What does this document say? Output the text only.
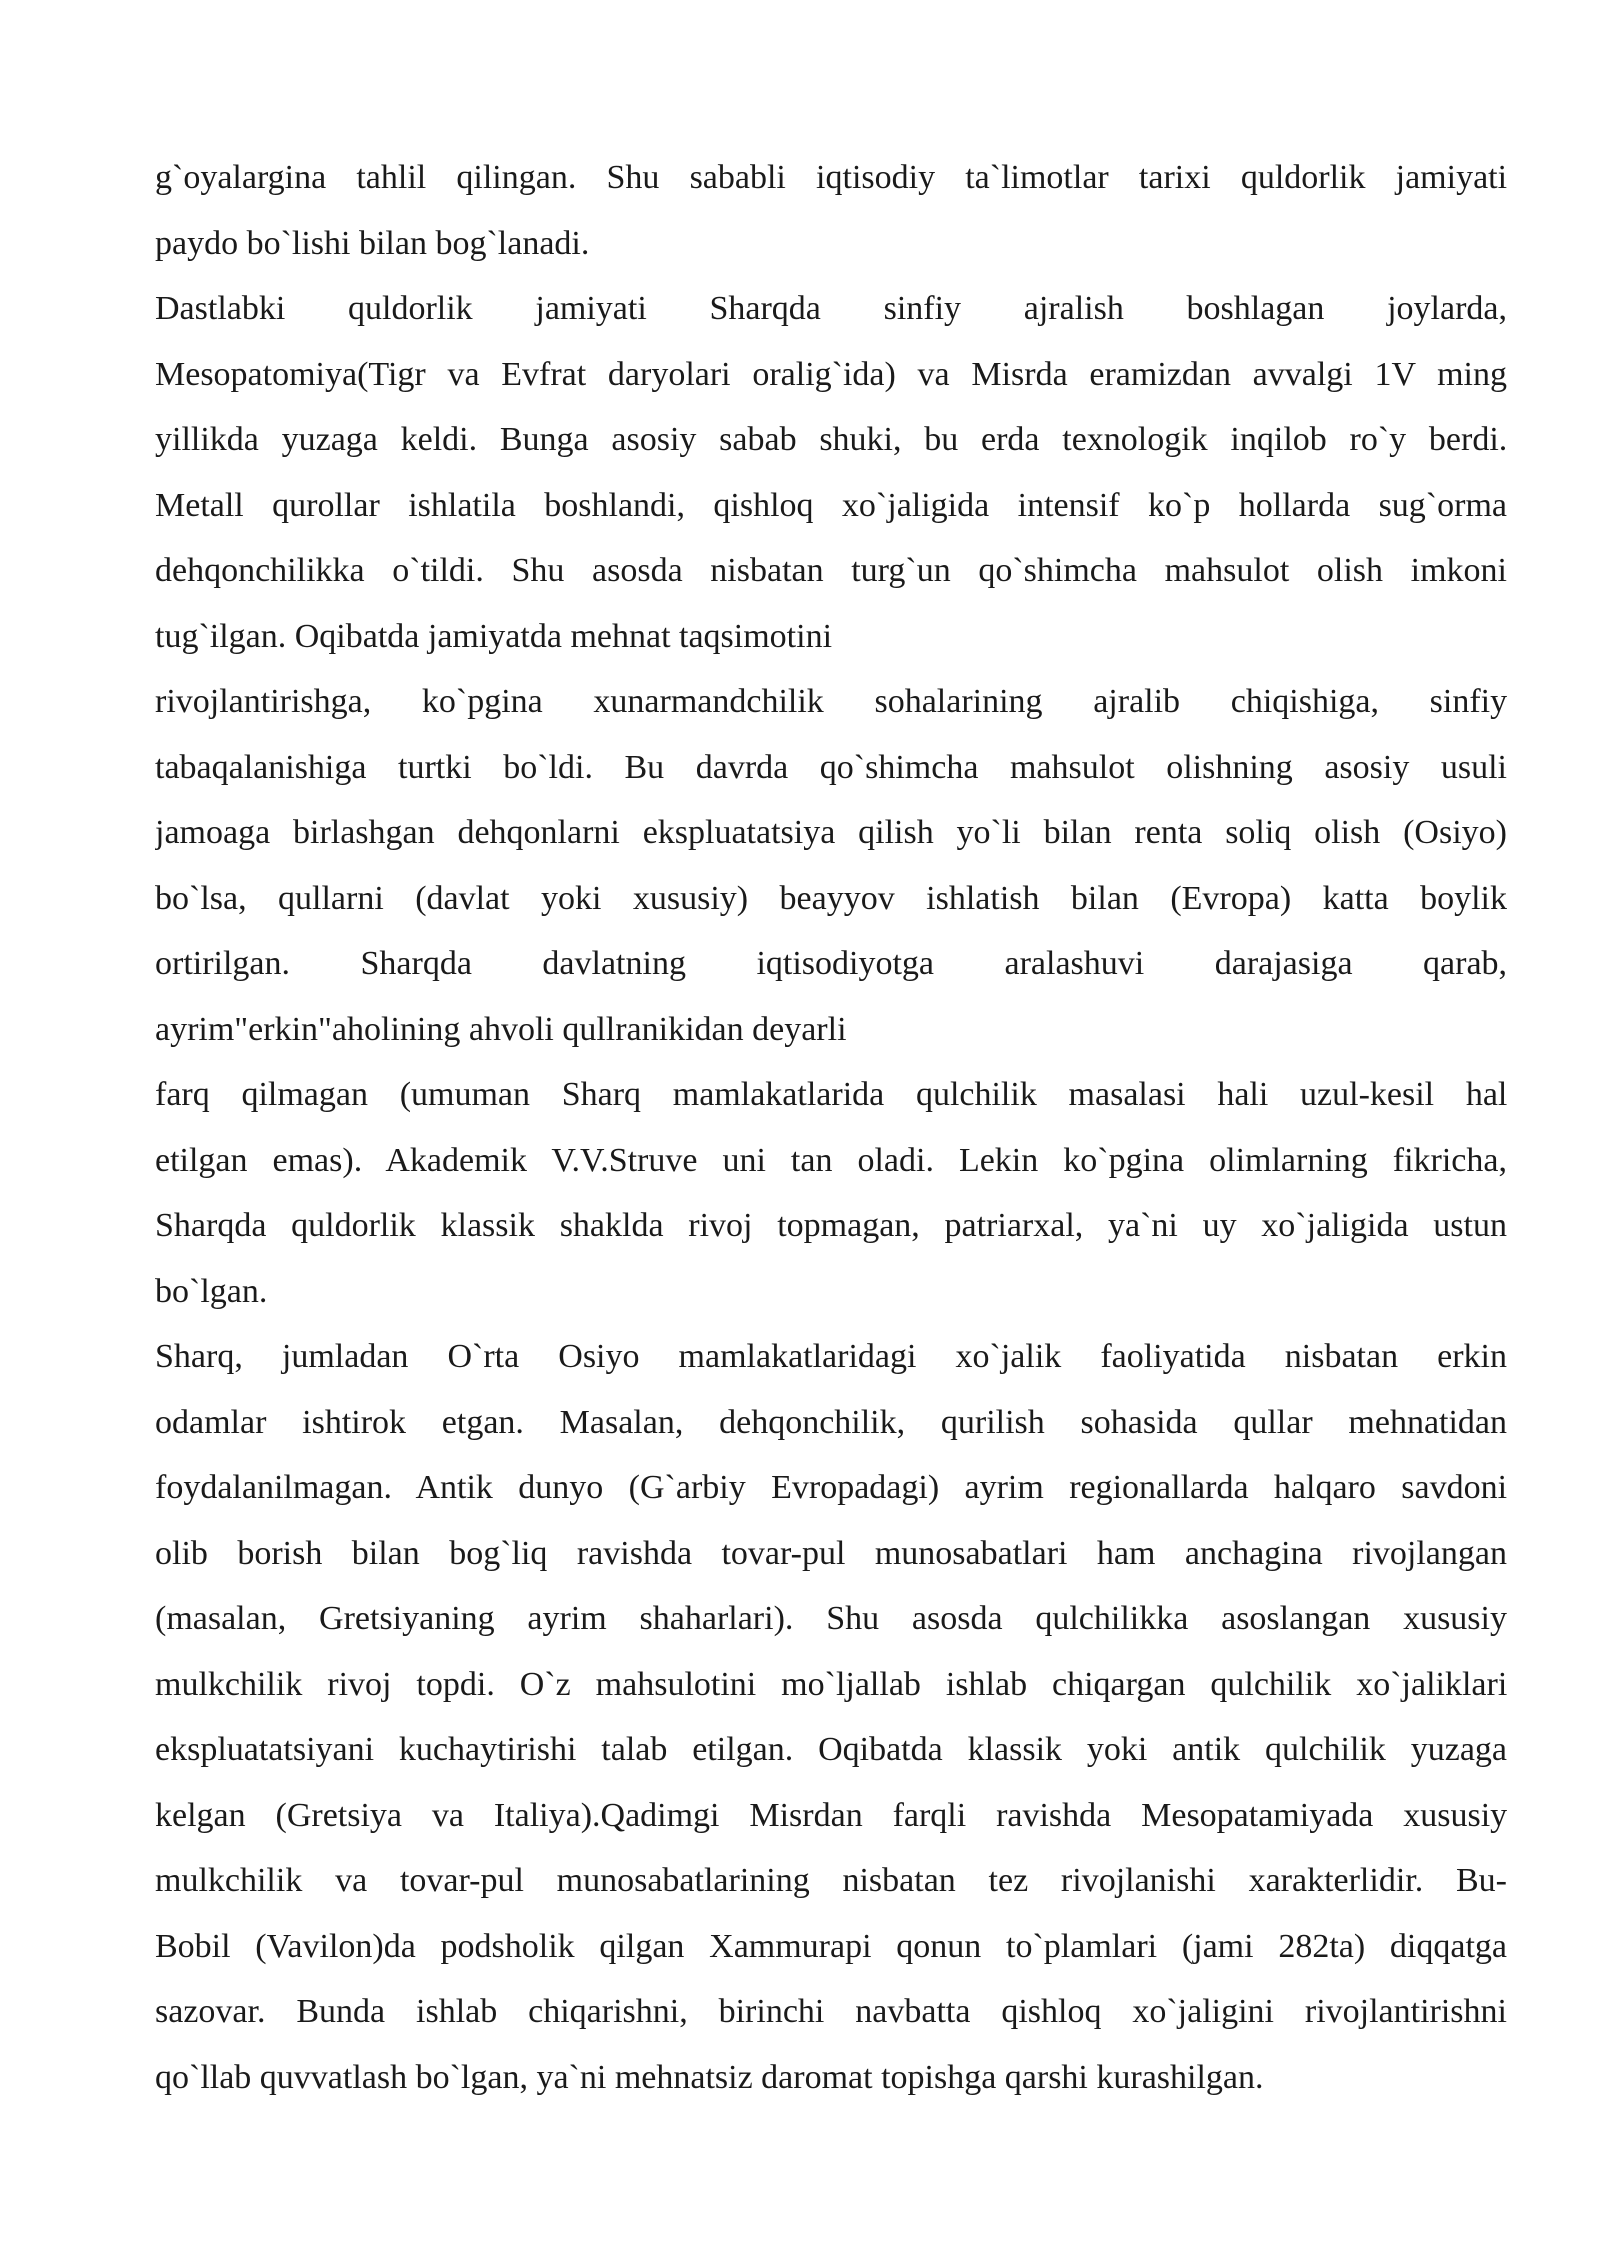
g`oyalargina tahlil qilingan. Shu sababli iqtisodiy ta`limotlar tarixi quldorlik jamiyati
paydo bo`lishi bilan bog`lanadi.
Dastlabki quldorlik jamiyati Sharqda sinfiy ajralish boshlagan joylarda,
Mesopatomiya(Tigr va Evfrat daryolari oralig`ida) va Misrda eramizdan avvalgi 1V ming
yillikda yuzaga keldi. Bunga asosiy sabab shuki, bu erda texnologik inqilob ro`y berdi.
Metall qurollar ishlatila boshlandi, qishloq xo`jaligida intensif ko`p hollarda sug`orma
dehqonchilikka o`tildi. Shu asosda nisbatan turg`un qo`shimcha mahsulot olish imkoni
tug`ilgan. Oqibatda jamiyatda mehnat taqsimotini
rivojlantirishga, ko`pgina xunarmandchilik sohalarining ajralib chiqishiga, sinfiy
tabaqalanishiga turtki bo`ldi. Bu davrda qo`shimcha mahsulot olishning asosiy usuli
jamoaga birlashgan dehqonlarni ekspluatatsiya qilish yo`li bilan renta soliq olish (Osiyo)
bo`lsa, qullarni (davlat yoki xususiy) beayyov ishlatish bilan (Evropa) katta boylik
ortirilgan. Sharqda davlatning iqtisodiyotga aralashuvi darajasiga qarab,
ayrim"erkin"aholining ahvoli qullranikidan deyarli
farq qilmagan (umuman Sharq mamlakatlarida qulchilik masalasi hali uzul-kesil hal
etilgan emas). Akademik V.V.Struve uni tan oladi. Lekin ko`pgina olimlarning fikricha,
Sharqda quldorlik klassik shaklda rivoj topmagan, patriarxal, ya`ni uy xo`jaligida ustun
bo`lgan.
Sharq, jumladan O`rta Osiyo mamlakatlaridagi xo`jalik faoliyatida nisbatan erkin
odamlar ishtirok etgan. Masalan, dehqonchilik, qurilish sohasida qullar mehnatidan
foydalanilmagan. Antik dunyo (G`arbiy Evropadagi) ayrim regionallarda halqaro savdoni
olib borish bilan bog`liq ravishda tovar-pul munosabatlari ham anchagina rivojlangan
(masalan, Gretsiyaning ayrim shaharlari). Shu asosda qulchilikka asoslangan xususiy
mulkchilik rivoj topdi. O`z mahsulotini mo`ljallab ishlab chiqargan qulchilik xo`jaliklari
ekspluatatsiyani kuchaytirishi talab etilgan. Oqibatda klassik yoki antik qulchilik yuzaga
kelgan (Gretsiya va Italiya).Qadimgi Misrdan farqli ravishda Mesopatamiyada xususiy
mulkchilik va tovar-pul munosabatlarining nisbatan tez rivojlanishi xarakterlidir. Bu-
Bobil (Vavilon)da podsholik qilgan Xammurapi qonun to`plamlari (jami 282ta) diqqatga
sazovar. Bunda ishlab chiqarishni, birinchi navbatta qishloq xo`jaligini rivojlantirishni
qo`llab quvvatlash bo`lgan, ya`ni mehnatsiz daromat topishga qarshi kurashilgan.
